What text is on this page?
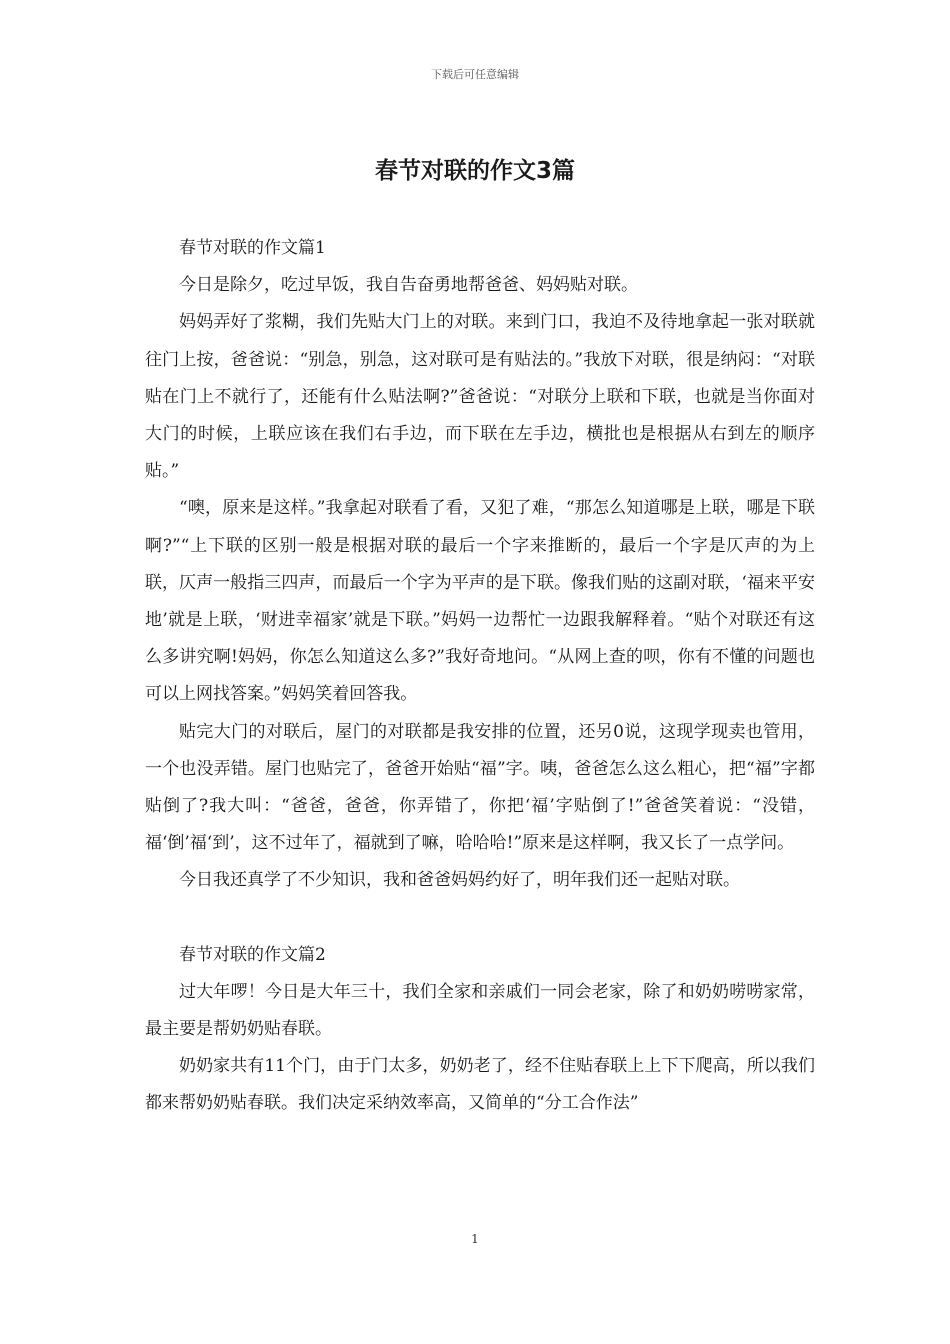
下载后可任意编辑
春节对联的作文3篇

春节对联的作文篇1

今日是除夕，吃过早饭，我自告奋勇地帮爸爸、妈妈贴对联。

妈妈弄好了浆糊，我们先贴大门上的对联。来到门口，我迫不及待地拿起一张对联就往门上按，爸爸说：“别急，别急，这对联可是有贴法的。”我放下对联，很是纳闷：“对联贴在门上不就行了，还能有什么贴法啊?”爸爸说：“对联分上联和下联，也就是当你面对大门的时候，上联应该在我们右手边，而下联在左手边，横批也是根据从右到左的顺序贴。”

“噢，原来是这样。”我拿起对联看了看，又犯了难，“那怎么知道哪是上联，哪是下联啊?”“上下联的区别一般是根据对联的最后一个字来推断的，最后一个字是仄声的为上联，仄声一般指三四声，而最后一个字为平声的是下联。像我们贴的这副对联，‘福来平安地’就是上联，‘财进幸福家’就是下联。”妈妈一边帮忙一边跟我解释着。“贴个对联还有这么多讲究啊!妈妈，你怎么知道这么多?”我好奇地问。“从网上查的呗，你有不懂的问题也可以上网找答案。”妈妈笑着回答我。

贴完大门的对联后，屋门的对联都是我安排的位置，还另0说，这现学现卖也管用，一个也没弄错。屋门也贴完了，爸爸开始贴“福”字。咦，爸爸怎么这么粗心，把“福”字都贴倒了?我大叫：“爸爸，爸爸，你弄错了，你把‘福’字贴倒了!”爸爸笑着说：“没错，福‘倒’福‘到’，这不过年了，福就到了嘛，哈哈哈!”原来是这样啊，我又长了一点学问。

今日我还真学了不少知识，我和爸爸妈妈约好了，明年我们还一起贴对联。

春节对联的作文篇2

过大年啰！今日是大年三十，我们全家和亲戚们一同会老家，除了和奶奶唠唠家常，最主要是帮奶奶贴春联。

奶奶家共有11个门，由于门太多，奶奶老了，经不住贴春联上上下下爬高，所以我们都来帮奶奶贴春联。我们决定采纳效率高，又简单的“分工合作法”

1
